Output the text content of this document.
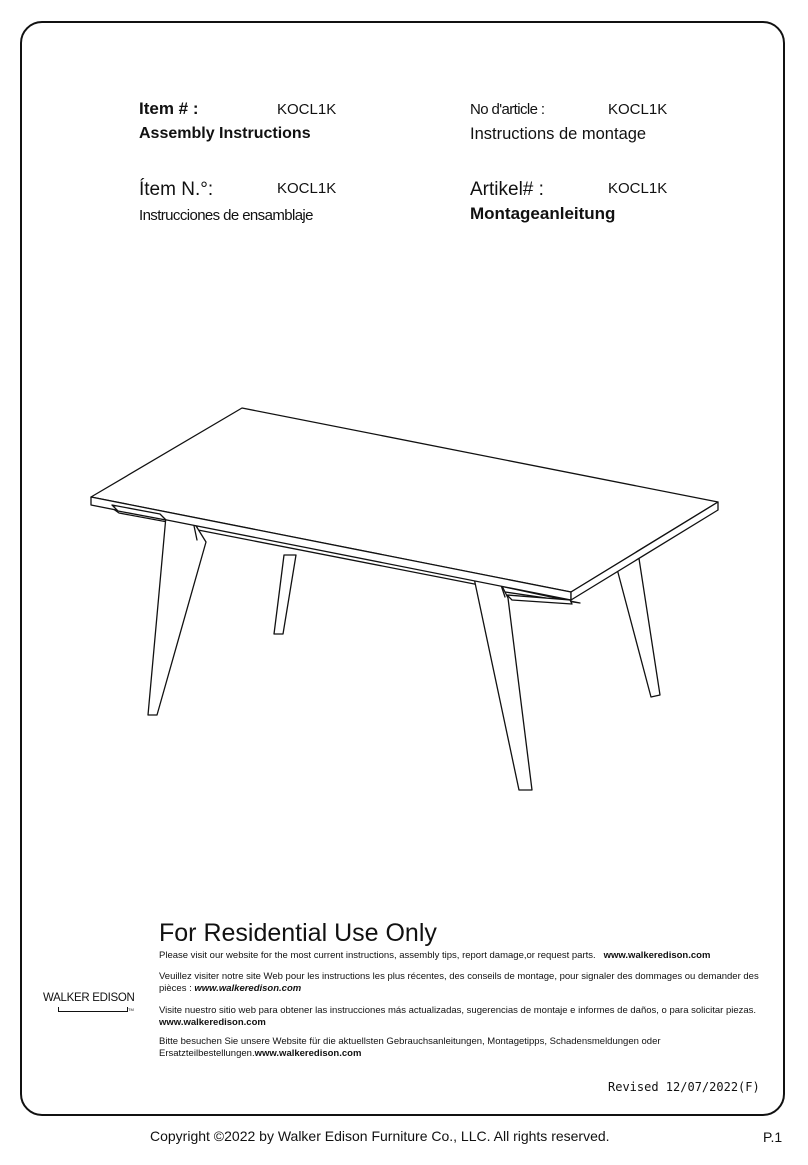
Item # :	KOCL1K
Assembly Instructions
No d'article :	KOCL1K
Instructions de montage
Ítem N.°:	KOCL1K
Instrucciones de ensamblaje
Artikel# :	KOCL1K
Montageanleitung
For Residential Use Only
Please visit our website for the most current instructions, assembly tips, report damage,or request parts. www.walkeredison.com
Veuillez visiter notre site Web pour les instructions les plus récentes, des conseils de montage, pour signaler des dommages ou demander des pièces : www.walkeredison.com
Visite nuestro sitio web para obtener las instrucciones más actualizadas, sugerencias de montaje e informes de daños, o para solicitar piezas. www.walkeredison.com
Bitte besuchen Sie unsere Website für die aktuellsten Gebrauchsanleitungen, Montagetipps, Schadensmeldungen oder Ersatzteilbestellungen.www.walkeredison.com
WALKER EDISON
TM
Revised 12/07/2022(F)
Copyright ©2022 by Walker Edison Furniture Co., LLC. All rights reserved.	P.1
